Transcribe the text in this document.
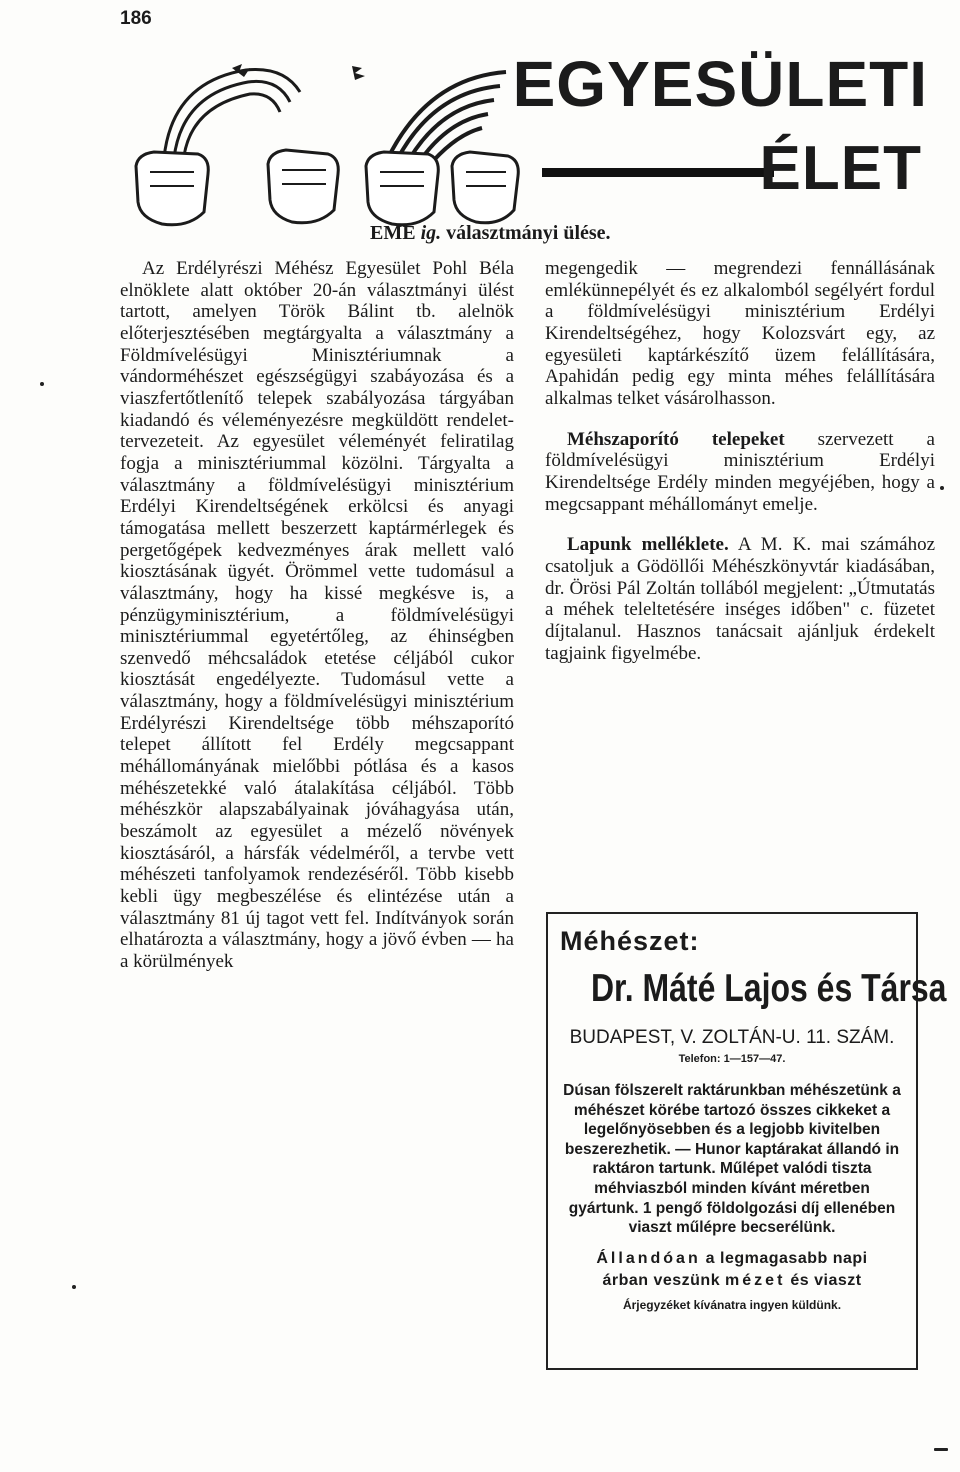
186
EGYESÜLETI
ÉLET
EME ig. választmányi ülése.

Az Erdélyrészi Méhész Egyesület Pohl Béla elnöklete alatt október 20-án választmányi ülést tartott, amelyen Török Bálint tb. alelnök előterjesztésében megtárgyalta a választmány a Földmívelésügyi Minisztériumnak a vándorméhészet egészségügyi szabáyozása és a viaszfertőtlenítő telepek szabályozása tárgyában kiadandó és véleményezésre megküldött rendelet-tervezeteit. Az egyesület véleményét feliratilag fogja a minisztériummal közölni. Tárgyalta a választmány a földmívelésügyi minisztérium Erdélyi Kirendeltségének erkölcsi és anyagi támogatása mellett beszerzett kaptármérlegek és pergetőgépek kedvezményes árak mellett való kiosztásának ügyét. Örömmel vette tudomásul a választmány, hogy ha kissé megkésve is, a pénzügyminisztérium, a földmívelésügyi minisztériummal egyetértőleg, az éhinségben szenvedő méhcsaládok etetése céljából cukor kiosztását engedélyezte. Tudomásul vette a választmány, hogy a földmívelésügyi minisztérium Erdélyrészi Kirendeltsége több méhszaporító telepet állított fel Erdély megcsappant méhállományának mielőbbi pótlása és a kasos méhészetekké való átalakítása céljából. Több méhészkör alapszabályainak jóváhagyása után, beszámolt az egyesület a mézelő növények kiosztásáról, a hársfák védelméről, a tervbe vett méhészeti tanfolyamok rendezéséről. Több kisebb kebli ügy megbeszélése és elintézése után a választmány 81 új tagot vett fel. Indítványok során elhatározta a választmány, hogy a jövő évben — ha a körülmények

megengedik — megrendezi fennállásának emlékünnepélyét és ez alkalomból segélyért fordul a földmívelésügyi minisztérium Erdélyi Kirendeltségéhez, hogy Kolozsvárt egy, az egyesületi kaptárkészítő üzem felállítására, Apahidán pedig egy minta méhes felállítására alkalmas telket vásárolhasson.

Méhszaporító telepeket szervezett a földmívelésügyi minisztérium Erdélyi Kirendeltsége Erdély minden megyéjében, hogy a megcsappant méhállományt emelje.

Lapunk melléklete. A M. K. mai számához csatoljuk a Gödöllői Méhészkönyvtár kiadásában, dr. Örösi Pál Zoltán tollából megjelent: „Útmutatás a méhek teleltetésére inséges időben" c. füzetet díjtalanul. Hasznos tanácsait ajánljuk érdekelt tagjaink figyelmébe.

Méhészet:
Dr. Máté Lajos és Társa
BUDAPEST, V. ZOLTÁN-U. 11. SZÁM.
Telefon: 1—157—47.
Dúsan fölszerelt raktárunkban méhészetünk a méhészet körébe tartozó összes cikkeket a legelőnyösebben és a legjobb kivitelben beszerezhetik. — Hunor kaptárakat állandó in raktáron tartunk. Műlépet valódi tiszta méhviaszból minden kívánt méretben gyártunk. 1 pengő földolgozási díj ellenében viaszt műlépre becserélünk.
Állandóan a legmagasabb napi
árban veszünk mézet és viaszt
Árjegyzéket kívánatra ingyen küldünk.
